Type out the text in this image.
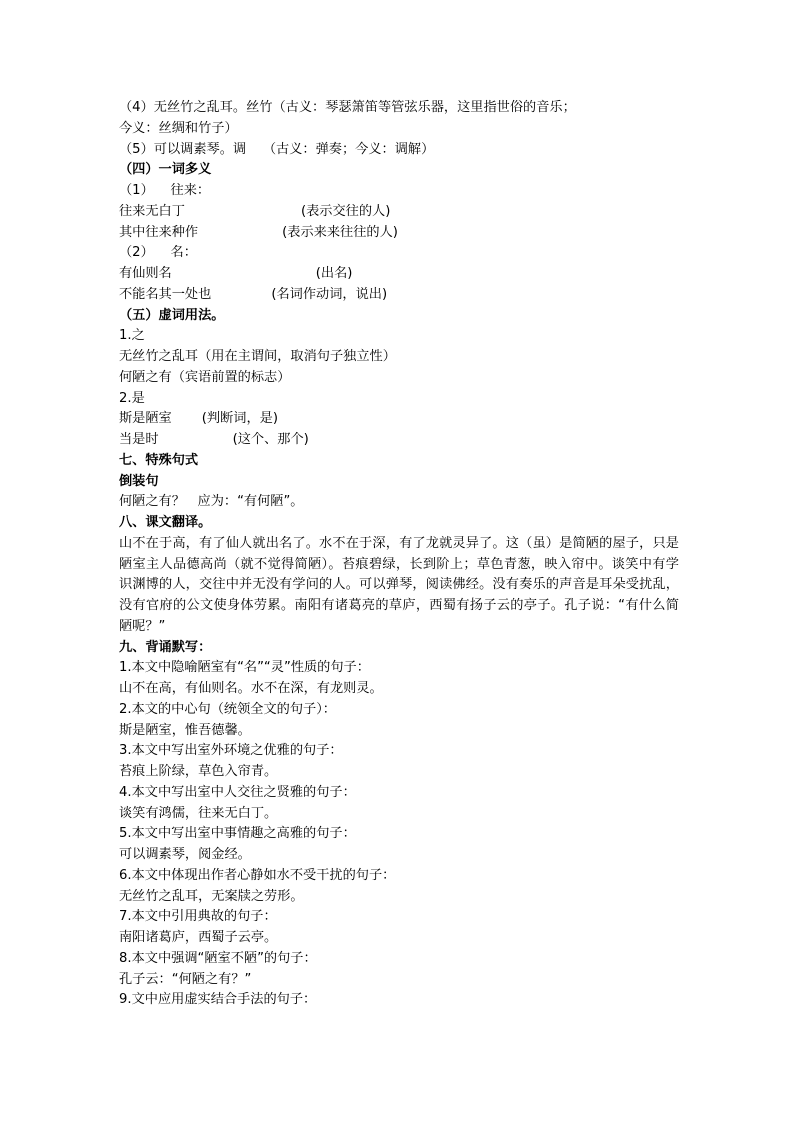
（4）无丝竹之乱耳。丝竹（古义：琴瑟箫笛等管弦乐器，这里指世俗的音乐；
今义：丝绸和竹子）
（5）可以调素琴。调    （古义：弹奏；今义：调解）
（四）一词多义
（1）    往来：
往来无白丁	(表示交往的人)
其中往来种作	(表示来来往往的人)
（2）    名：
有仙则名	(出名)
不能名其一处也	(名词作动词，说出)
（五）虚词用法。
1.之
无丝竹之乱耳（用在主谓间，取消句子独立性）
何陋之有（宾语前置的标志）
2.是
斯是陋室 (判断词，是)
当是时	(这个、那个)
七、特殊句式
倒装句
何陋之有？   应为：“有何陋”。
八、课文翻译。
山不在于高，有了仙人就出名了。水不在于深，有了龙就灵异了。这（虽）是简陋的屋子，只是陋室主人品德高尚（就不觉得简陋）。苔痕碧绿，长到阶上；草色青葱，映入帘中。谈笑中有学识渊博的人，交往中并无没有学问的人。可以弹琴，阅读佛经。没有奏乐的声音是耳朵受扰乱，没有官府的公文使身体劳累。南阳有诸葛亮的草庐，西蜀有扬子云的亭子。孔子说：“有什么简陋呢？”
九、背诵默写：
1.本文中隐喻陋室有“名”“灵”性质的句子：
山不在高，有仙则名。水不在深，有龙则灵。
2.本文的中心句（统领全文的句子）：
斯是陋室，惟吾德馨。
3.本文中写出室外环境之优雅的句子：
苔痕上阶绿，草色入帘青。
4.本文中写出室中人交往之贤雅的句子：
谈笑有鸿儒，往来无白丁。
5.本文中写出室中事情趣之高雅的句子：
可以调素琴，阅金经。
6.本文中体现出作者心静如水不受干扰的句子：
无丝竹之乱耳，无案牍之劳形。
7.本文中引用典故的句子：
南阳诸葛庐，西蜀子云亭。
8.本文中强调“陋室不陋”的句子：
孔子云：“何陋之有？”
9.文中应用虚实结合手法的句子：
